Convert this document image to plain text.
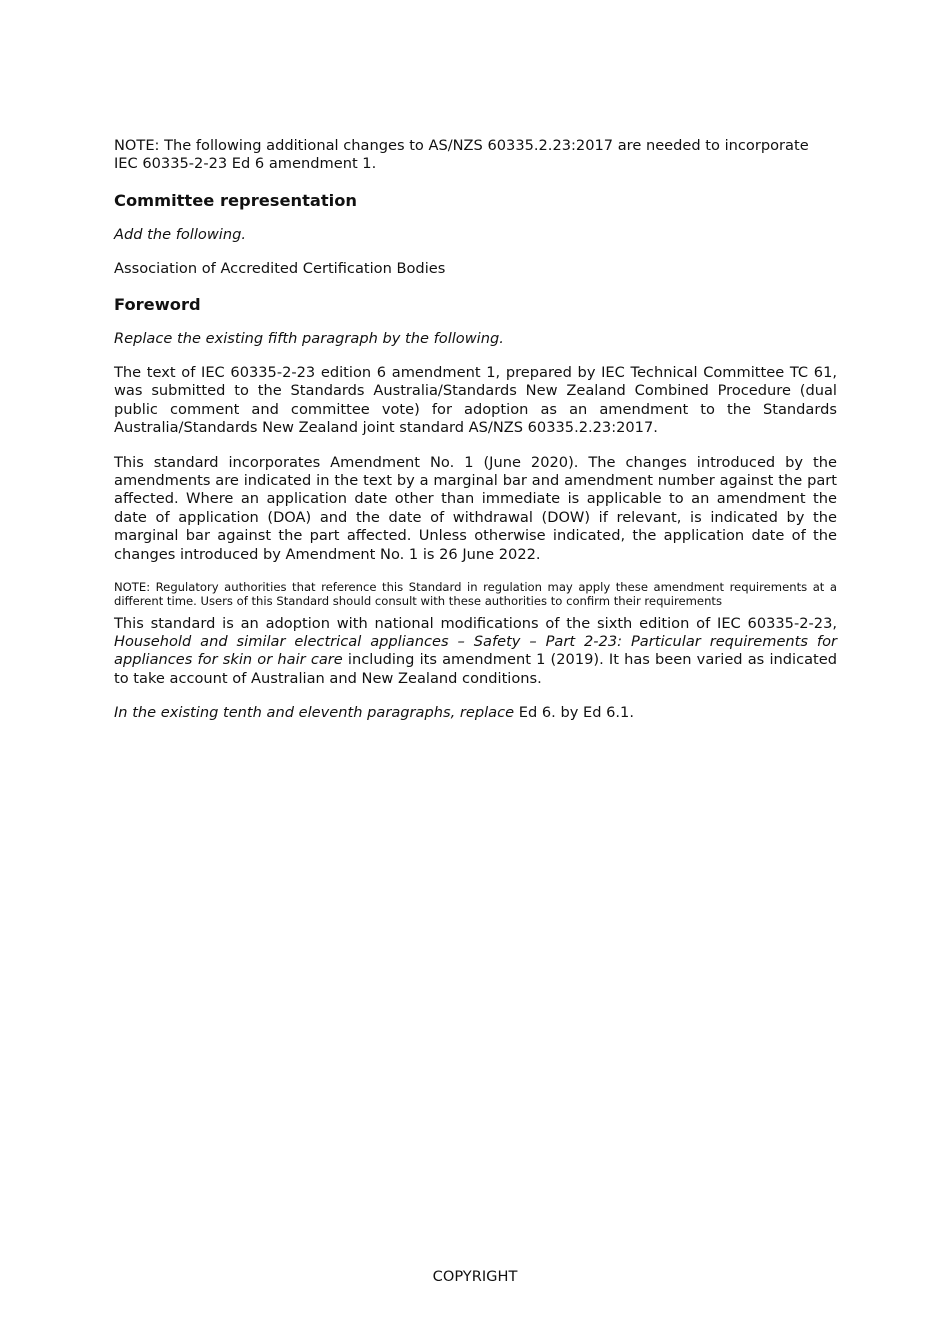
NOTE: The following additional changes to AS/NZS 60335.2.23:2017 are needed to incorporate IEC 60335-2-23 Ed 6 amendment 1.

Committee representation

Add the following.

Association of Accredited Certification Bodies

Foreword

Replace the existing fifth paragraph by the following.

The text of IEC 60335-2-23 edition 6 amendment 1, prepared by IEC Technical Committee TC 61, was submitted to the Standards Australia/Standards New Zealand Combined Procedure (dual public comment and committee vote) for adoption as an amendment to the Standards Australia/Standards New Zealand joint standard AS/NZS 60335.2.23:2017.

This standard incorporates Amendment No. 1 (June 2020). The changes introduced by the amendments are indicated in the text by a marginal bar and amendment number against the part affected. Where an application date other than immediate is applicable to an amendment the date of application (DOA) and the date of withdrawal (DOW) if relevant, is indicated by the marginal bar against the part affected. Unless otherwise indicated, the application date of the changes introduced by Amendment No. 1 is 26 June 2022.

NOTE: Regulatory authorities that reference this Standard in regulation may apply these amendment requirements at a different time. Users of this Standard should consult with these authorities to confirm their requirements

This standard is an adoption with national modifications of the sixth edition of IEC 60335-2-23, Household and similar electrical appliances – Safety – Part 2-23: Particular requirements for appliances for skin or hair care including its amendment 1 (2019). It has been varied as indicated to take account of Australian and New Zealand conditions.

In the existing tenth and eleventh paragraphs, replace Ed 6. by Ed 6.1.

COPYRIGHT
